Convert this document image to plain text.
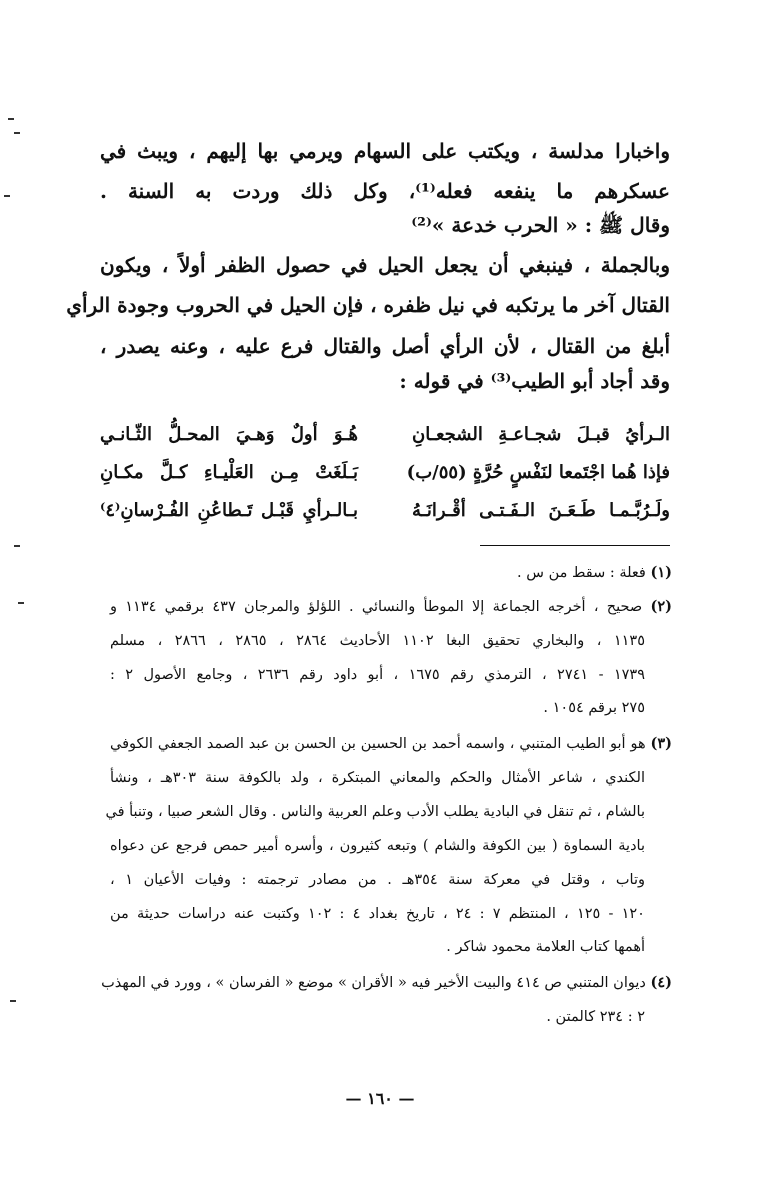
واخبارا مدلسة ، ويكتب على السهام ويرمي بها إليهم ، ويبث في
عسكرهم ما ينفعه فعله⁽¹⁾، وكل ذلك وردت به السنة .
وقال ﷺ : « الحرب خدعة »⁽²⁾
وبالجملة ، فينبغي أن يجعل الحيل في حصول الظفر أولاً ، ويكون
القتال آخر ما يرتكبه في نيل ظفره ، فإن الحيل في الحروب وجودة الرأي
أبلغ من القتال ، لأن الرأي أصل والقتال فرع عليه ، وعنه يصدر ،
وقد أجاد أبو الطيب⁽³⁾ في قوله :
الـرأيُ قبـلَ شجـاعـةِ الشجعـانِ
هُـوَ أولٌ وَهـيَ المحـلُّ الثّـانـي
فإذا هُما اجْتَمعا لنَفْسٍ حُرَّةٍ (٥٥/ب)
بَـلَغَتْ مِـن العَلْيـاءِ كـلَّ مكـانِ
ولَـرُبَّـمـا طَـعَـنَ الـفَـتـى أقْـرانَـهُ
بـالـرأيِ قَبْـل تَـطاعُنِ الفُـرْسانِ⁽٤⁾
(١) فعلة : سقط من س .
(٢) صحيح ، أخرجه الجماعة إلا الموطأ والنسائي . اللؤلؤ والمرجان ٤٣٧ برقمي ١١٣٤ و
١١٣٥ ، والبخاري تحقيق البغا ١١٠٢ الأحاديث ٢٨٦٤ ، ٢٨٦٥ ، ٢٨٦٦ ، مسلم
١٧٣٩ - ٢٧٤١ ، الترمذي رقم ١٦٧٥ ، أبو داود رقم ٢٦٣٦ ، وجامع الأصول ٢ :
٢٧٥ برقم ١٠٥٤ .
(٣) هو أبو الطيب المتنبي ، واسمه أحمد بن الحسين بن الحسن بن عبد الصمد الجعفي الكوفي
الكندي ، شاعر الأمثال والحكم والمعاني المبتكرة ، ولد بالكوفة سنة ٣٠٣هـ ، ونشأ
بالشام ، ثم تنقل في البادية يطلب الأدب وعلم العربية والناس . وقال الشعر صبيا ، وتنبأ في
بادية السماوة ( بين الكوفة والشام ) وتبعه كثيرون ، وأسره أمير حمص فرجع عن دعواه
وتاب ، وقتل في معركة سنة ٣٥٤هـ . من مصادر ترجمته : وفيات الأعيان ١ ،
١٢٠ - ١٢٥ ، المنتظم ٧ : ٢٤ ، تاريخ بغداد ٤ : ١٠٢ وكتبت عنه دراسات حديثة من
أهمها كتاب العلامة محمود شاكر .
(٤) ديوان المتنبي ص ٤١٤ والبيت الأخير فيه « الأقران » موضع « الفرسان » ، وورد في المهذب
٢ : ٢٣٤ كالمتن .
— ١٦٠ —
